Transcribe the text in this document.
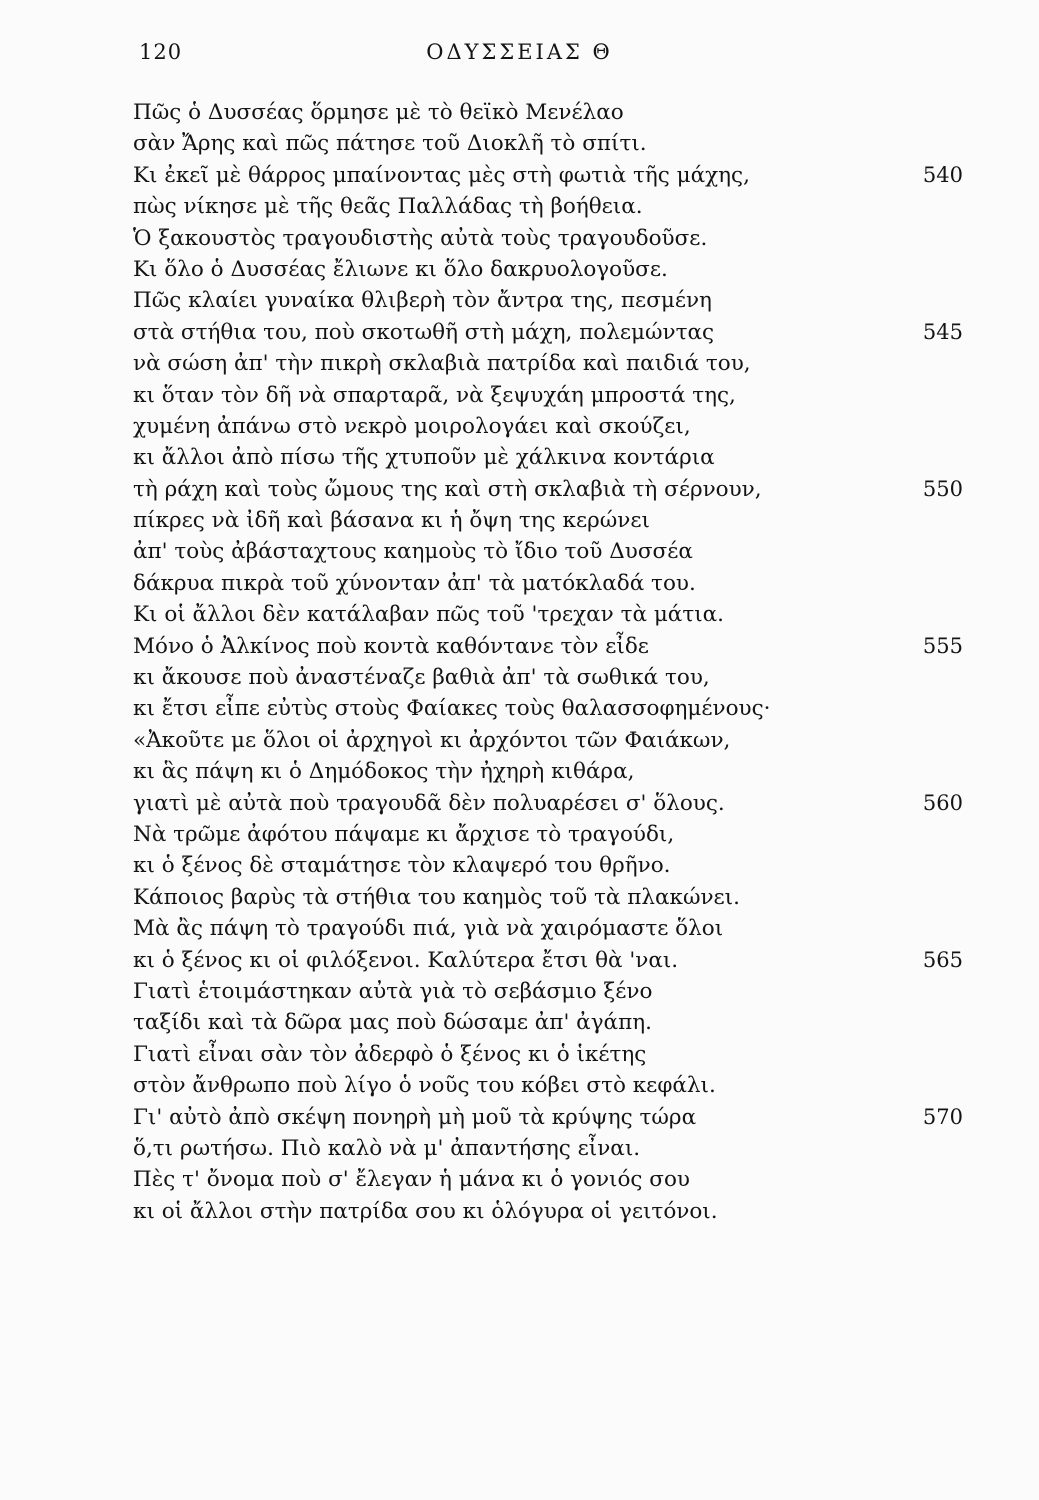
120	ΟΔΥΣΣΕΙΑΣ Θ
Πῶς ὁ Δυσσέας ὅρμησε μὲ τὸ θεϊκὸ Μενέλαο
σὰν Ἄρης καὶ πῶς πάτησε τοῦ Διοκλῆ τὸ σπίτι.
Κι ἐκεῖ μὲ θάρρος μπαίνοντας μὲς στὴ φωτιὰ τῆς μάχης,	540
πὼς νίκησε μὲ τῆς θεᾶς Παλλάδας τὴ βοήθεια.
Ὁ ξακουστὸς τραγουδιστὴς αὐτὰ τοὺς τραγουδοῦσε.
Κι ὅλο ὁ Δυσσέας ἔλιωνε κι ὅλο δακρυολογοῦσε.
Πῶς κλαίει γυναίκα θλιβερὴ τὸν ἄντρα της, πεσμένη
στὰ στήθια του, ποὺ σκοτωθῆ στὴ μάχη, πολεμώντας	545
νὰ σώση ἀπ' τὴν πικρὴ σκλαβιὰ πατρίδα καὶ παιδιά του,
κι ὅταν τὸν δῆ νὰ σπαρταρᾶ, νὰ ξεψυχάη μπροστά της,
χυμένη ἀπάνω στὸ νεκρὸ μοιρολογάει καὶ σκούζει,
κι ἄλλοι ἀπὸ πίσω τῆς χτυποῦν μὲ χάλκινα κοντάρια
τὴ ράχη καὶ τοὺς ὤμους της καὶ στὴ σκλαβιὰ τὴ σέρνουν,	550
πίκρες νὰ ἰδῆ καὶ βάσανα κι ἡ ὄψη της κερώνει
ἀπ' τοὺς ἀβάσταχτους καημοὺς τὸ ἴδιο τοῦ Δυσσέα
δάκρυα πικρὰ τοῦ χύνονταν ἀπ' τὰ ματόκλαδά του.
Κι οἱ ἄλλοι δὲν κατάλαβαν πῶς τοῦ 'τρεχαν τὰ μάτια.
Μόνο ὁ Ἀλκίνος ποὺ κοντὰ καθόντανε τὸν εἶδε	555
κι ἄκουσε ποὺ ἀναστέναζε βαθιὰ ἀπ' τὰ σωθικά του,
κι ἔτσι εἶπε εὐτὺς στοὺς Φαίακες τοὺς θαλασσοφημένους·
«Ἀκοῦτε με ὅλοι οἱ ἀρχηγοὶ κι ἀρχόντοι τῶν Φαιάκων,
κι ἃς πάψη κι ὁ Δημόδοκος τὴν ἠχηρὴ κιθάρα,
γιατὶ μὲ αὐτὰ ποὺ τραγουδᾶ δὲν πολυαρέσει σ' ὅλους.	560
Νὰ τρῶμε ἀφότου πάψαμε κι ἄρχισε τὸ τραγούδι,
κι ὁ ξένος δὲ σταμάτησε τὸν κλαψερό του θρῆνο.
Κάποιος βαρὺς τὰ στήθια του καημὸς τοῦ τὰ πλακώνει.
Μὰ ἂς πάψη τὸ τραγούδι πιά, γιὰ νὰ χαιρόμαστε ὅλοι
κι ὁ ξένος κι οἱ φιλόξενοι. Καλύτερα ἔτσι θὰ 'ναι.	565
Γιατὶ ἑτοιμάστηκαν αὐτὰ γιὰ τὸ σεβάσμιο ξένο
ταξίδι καὶ τὰ δῶρα μας ποὺ δώσαμε ἀπ' ἀγάπη.
Γιατὶ εἶναι σὰν τὸν ἀδερφὸ ὁ ξένος κι ὁ ἱκέτης
στὸν ἄνθρωπο ποὺ λίγο ὁ νοῦς του κόβει στὸ κεφάλι.
Γι' αὐτὸ ἀπὸ σκέψη πονηρὴ μὴ μοῦ τὰ κρύψης τώρα	570
ὅ,τι ρωτήσω. Πιὸ καλὸ νὰ μ' ἀπαντήσης εἶναι.
Πὲς τ' ὄνομα ποὺ σ' ἔλεγαν ἡ μάνα κι ὁ γονιός σου
κι οἱ ἄλλοι στὴν πατρίδα σου κι ὁλόγυρα οἱ γειτόνοι.
